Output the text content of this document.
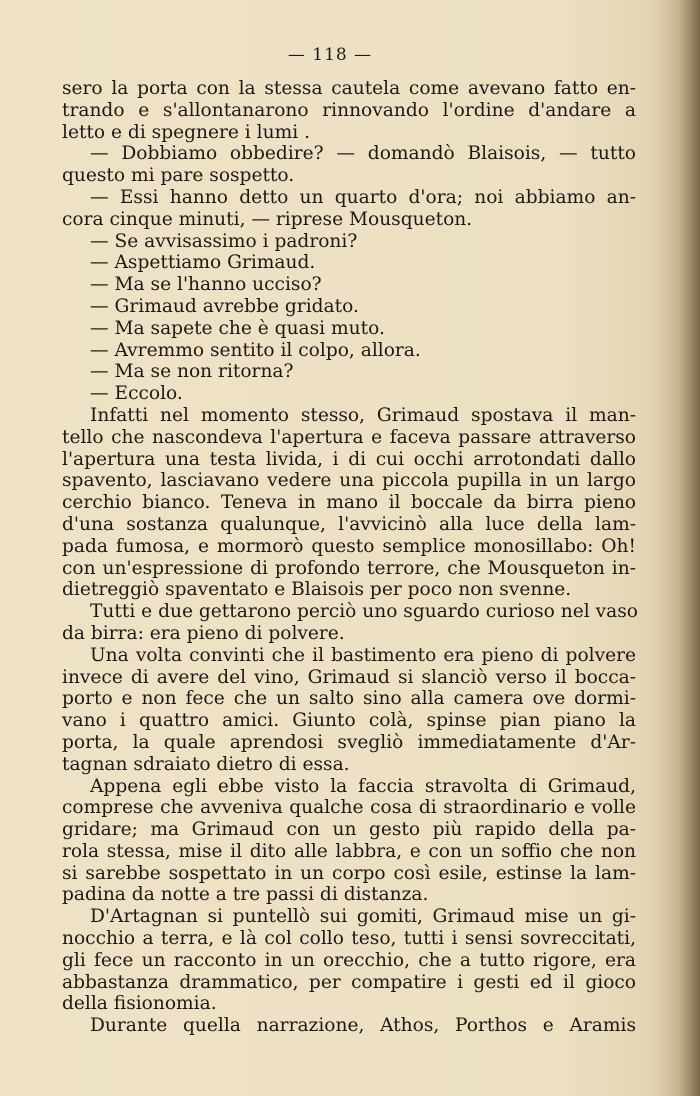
— 118 —
sero la porta con la stessa cautela come avevano fatto en-
trando e s'allontanarono rinnovando l'ordine d'andare a
letto e di spegnere i lumi .
— Dobbiamo obbedire? — domandò Blaisois, — tutto
questo mi pare sospetto.
— Essi hanno detto un quarto d'ora; noi abbiamo an-
cora cinque minuti, — riprese Mousqueton.
— Se avvisassimo i padroni?
— Aspettiamo Grimaud.
— Ma se l'hanno ucciso?
— Grimaud avrebbe gridato.
— Ma sapete che è quasi muto.
— Avremmo sentito il colpo, allora.
— Ma se non ritorna?
— Eccolo.
Infatti nel momento stesso, Grimaud spostava il man-
tello che nascondeva l'apertura e faceva passare attraverso
l'apertura una testa livida, i di cui occhi arrotondati dallo
spavento, lasciavano vedere una piccola pupilla in un largo
cerchio bianco. Teneva in mano il boccale da birra pieno
d'una sostanza qualunque, l'avvicinò alla luce della lam-
pada fumosa, e mormorò questo semplice monosillabo: Oh!
con un'espressione di profondo terrore, che Mousqueton in-
dietreggiò spaventato e Blaisois per poco non svenne.
Tutti e due gettarono perciò uno sguardo curioso nel vaso
da birra: era pieno di polvere.
Una volta convinti che il bastimento era pieno di polvere
invece di avere del vino, Grimaud si slanciò verso il bocca-
porto e non fece che un salto sino alla camera ove dormi-
vano i quattro amici. Giunto colà, spinse pian piano la
porta, la quale aprendosi svegliò immediatamente d'Ar-
tagnan sdraiato dietro di essa.
Appena egli ebbe visto la faccia stravolta di Grimaud,
comprese che avveniva qualche cosa di straordinario e volle
gridare; ma Grimaud con un gesto più rapido della pa-
rola stessa, mise il dito alle labbra, e con un soffio che non
si sarebbe sospettato in un corpo così esile, estinse la lam-
padina da notte a tre passi di distanza.
D'Artagnan si puntellò sui gomiti, Grimaud mise un gi-
nocchio a terra, e là col collo teso, tutti i sensi sovreccitati,
gli fece un racconto in un orecchio, che a tutto rigore, era
abbastanza drammatico, per compatire i gesti ed il gioco
della fisionomia.
Durante quella narrazione, Athos, Porthos e Aramis
